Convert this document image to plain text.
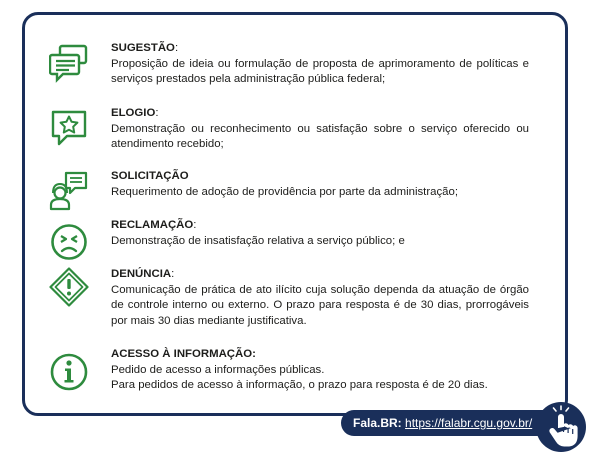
SUGESTÃO:
Proposição de ideia ou formulação de proposta de aprimoramento de políticas e serviços prestados pela administração pública federal;
ELOGIO:
Demonstração ou reconhecimento ou satisfação sobre o serviço oferecido ou atendimento recebido;
SOLICITAÇÃO
Requerimento de adoção de providência por parte da administração;
RECLAMAÇÃO:
Demonstração de insatisfação relativa a serviço público; e
DENÚNCIA:
Comunicação de prática de ato ilícito cuja solução dependa da atuação de órgão de controle interno ou externo. O prazo para resposta é de 30 dias, prorrogáveis por mais 30 dias mediante justificativa.
ACESSO À INFORMAÇÃO:
Pedido de acesso a informações públicas.
Para pedidos de acesso à informação, o prazo para resposta é de 20 dias.
Fala.BR: https://falabr.cgu.gov.br/
